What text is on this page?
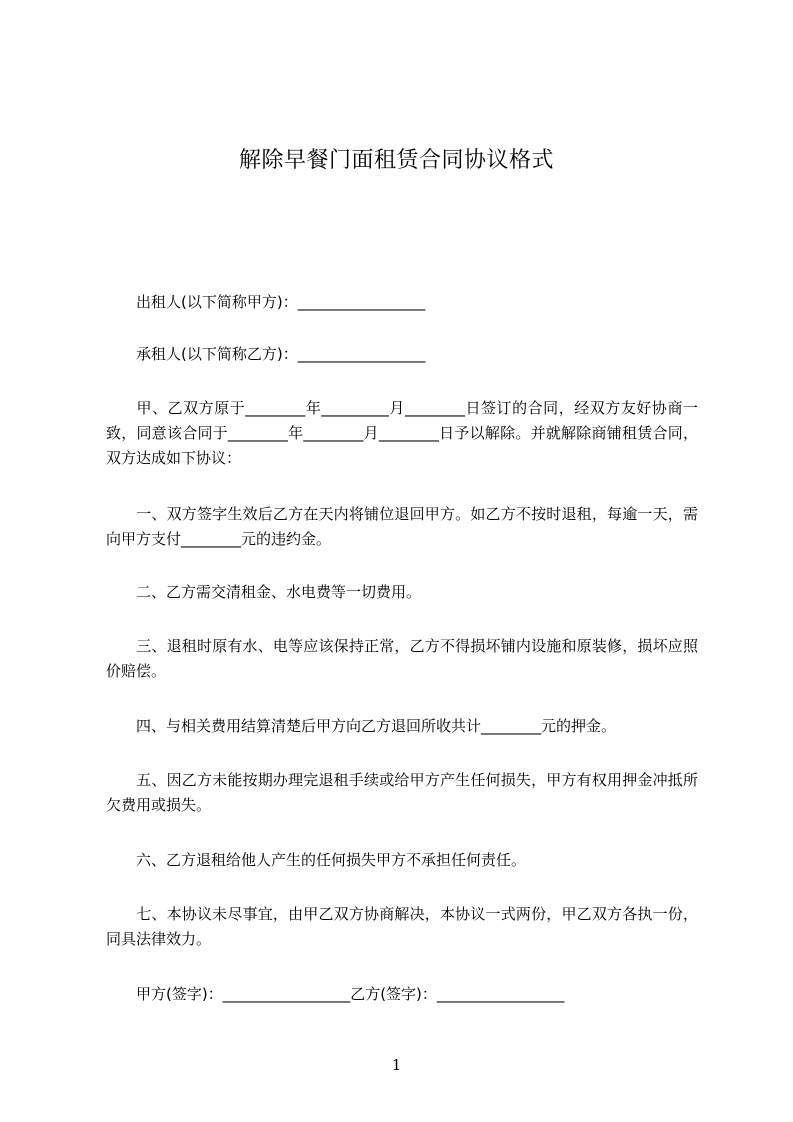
解除早餐门面租赁合同协议格式

出租人(以下简称甲方)：_________________

承租人(以下简称乙方)：_________________

甲、乙双方原于________年_________月________日签订的合同，经双方友好协商一致，同意该合同于________年________月________日予以解除。并就解除商铺租赁合同，双方达成如下协议：

一、双方签字生效后乙方在天内将铺位退回甲方。如乙方不按时退租，每逾一天，需向甲方支付________元的违约金。

二、乙方需交清租金、水电费等一切费用。

三、退租时原有水、电等应该保持正常，乙方不得损坏铺内设施和原装修，损坏应照价赔偿。

四、与相关费用结算清楚后甲方向乙方退回所收共计________元的押金。

五、因乙方未能按期办理完退租手续或给甲方产生任何损失，甲方有权用押金冲抵所欠费用或损失。

六、乙方退租给他人产生的任何损失甲方不承担任何责任。

七、本协议未尽事宜，由甲乙双方协商解决，本协议一式两份，甲乙双方各执一份，同具法律效力。

甲方(签字)：_________________乙方(签字)：_________________

1
